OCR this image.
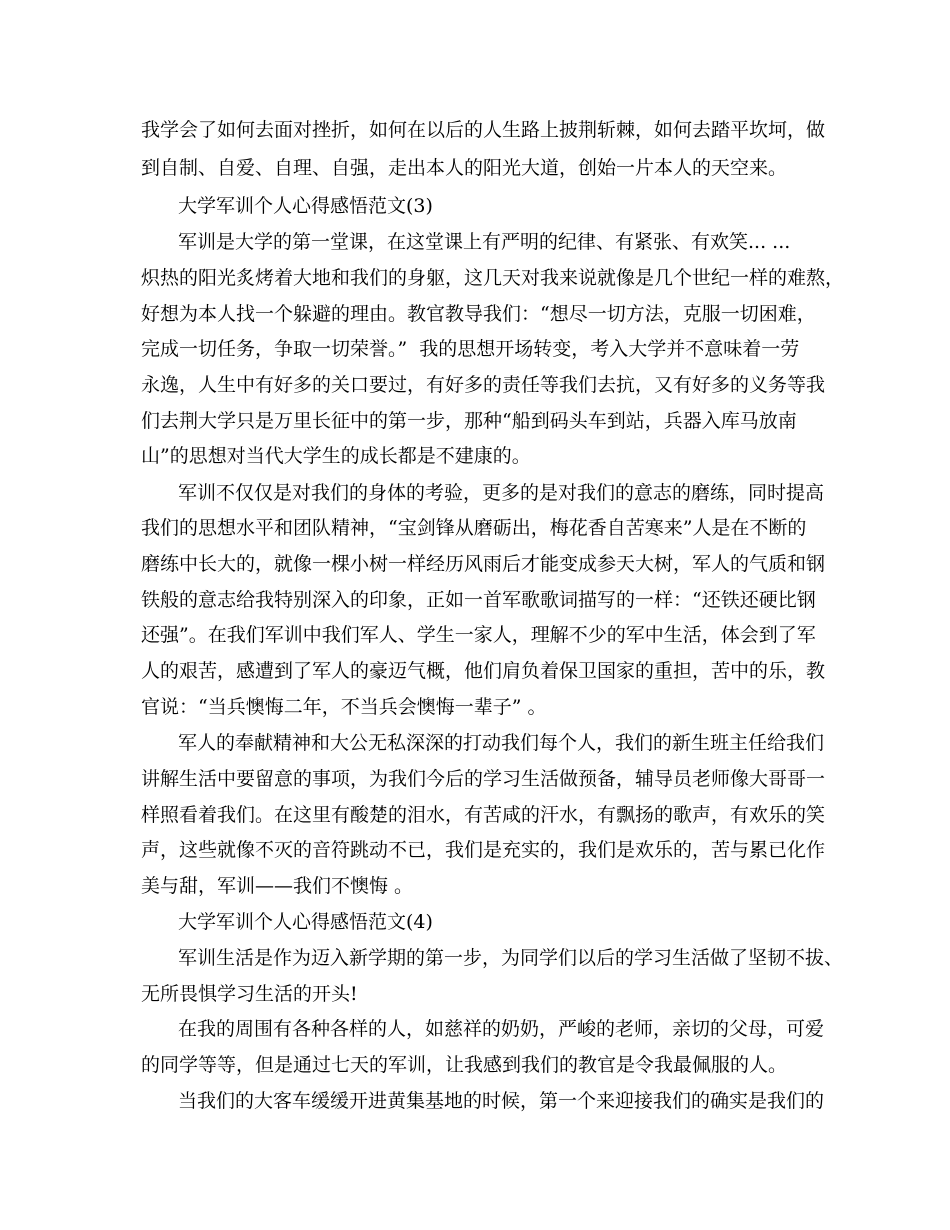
我学会了如何去面对挫折，如何在以后的人生路上披荆斩棘，如何去踏平坎坷，做
到自制、自爱、自理、自强，走出本人的阳光大道，创始一片本人的天空来。
大学军训个人心得感悟范文(3)
军训是大学的第一堂课，在这堂课上有严明的纪律、有紧张、有欢笑... ...
炽热的阳光炙烤着大地和我们的身躯，这几天对我来说就像是几个世纪一样的难熬，
好想为本人找一个躲避的理由。教官教导我们：“想尽一切方法，克服一切困难，
完成一切任务，争取一切荣誉。”  我的思想开场转变，考入大学并不意味着一劳
永逸，人生中有好多的关口要过，有好多的责任等我们去抗，又有好多的义务等我
们去荆大学只是万里长征中的第一步，那种“船到码头车到站，兵器入库马放南
山”的思想对当代大学生的成长都是不建康的。
军训不仅仅是对我们的身体的考验，更多的是对我们的意志的磨练，同时提高
我们的思想水平和团队精神，“宝剑锋从磨砺出，梅花香自苦寒来”人是在不断的
磨练中长大的，就像一棵小树一样经历风雨后才能变成参天大树，军人的气质和钢
铁般的意志给我特别深入的印象，正如一首军歌歌词描写的一样：“还铁还硬比钢
还强”。在我们军训中我们军人、学生一家人，理解不少的军中生活，体会到了军
人的艰苦，感遭到了军人的豪迈气概，他们肩负着保卫国家的重担，苦中的乐，教
官说：“当兵懊悔二年，不当兵会懊悔一辈子” 。
军人的奉献精神和大公无私深深的打动我们每个人，我们的新生班主任给我们
讲解生活中要留意的事项，为我们今后的学习生活做预备，辅导员老师像大哥哥一
样照看着我们。在这里有酸楚的泪水，有苦咸的汗水，有飘扬的歌声，有欢乐的笑
声，这些就像不灭的音符跳动不已，我们是充实的，我们是欢乐的，苦与累已化作
美与甜，军训——我们不懊悔 。
大学军训个人心得感悟范文(4)
军训生活是作为迈入新学期的第一步，为同学们以后的学习生活做了坚韧不拔、
无所畏惧学习生活的开头!
在我的周围有各种各样的人，如慈祥的奶奶，严峻的老师，亲切的父母，可爱
的同学等等，但是通过七天的军训，让我感到我们的教官是令我最佩服的人。
当我们的大客车缓缓开进黄集基地的时候，第一个来迎接我们的确实是我们的
